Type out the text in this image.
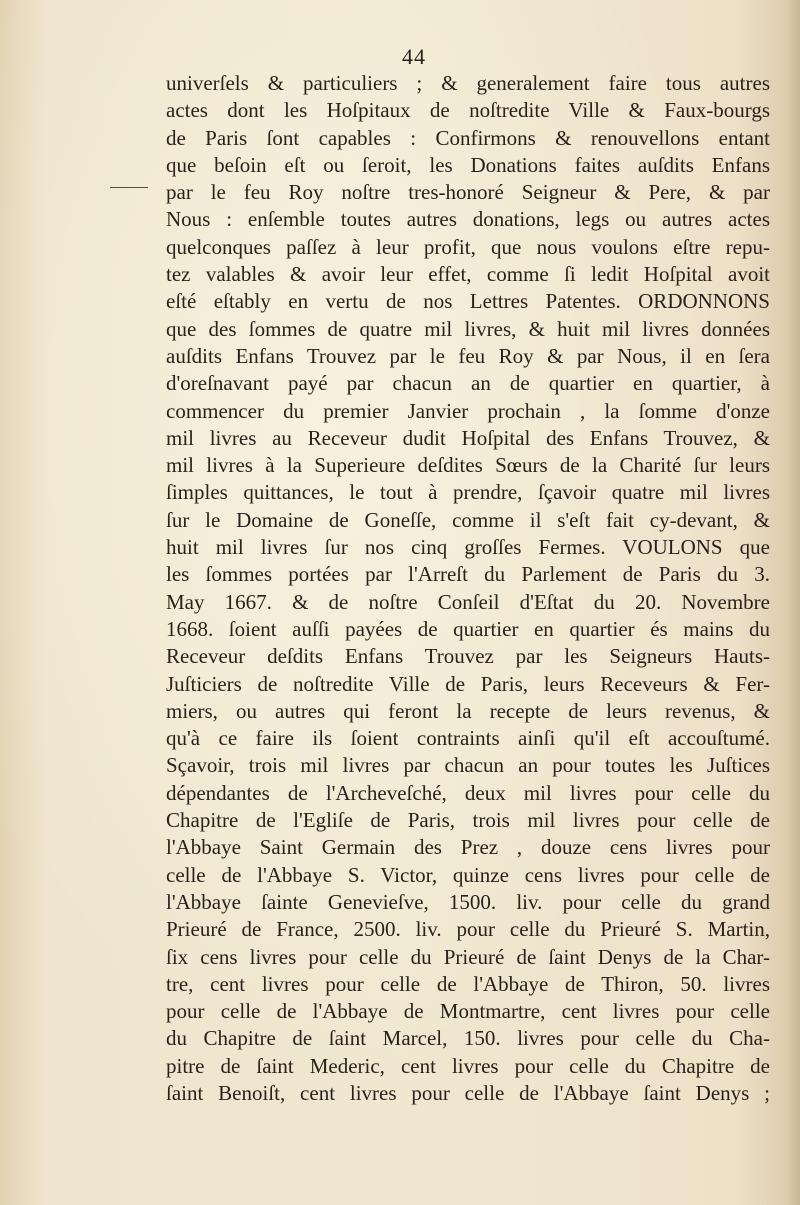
44
univerſels & particuliers ; & generalement faire tous autres
actes dont les Hoſpitaux de noſtredite Ville & Faux-bourgs
de Paris ſont capables : Confirmons & renouvellons entant
que beſoin eſt ou ſeroit, les Donations faites auſdits Enfans
par le feu Roy noſtre tres-honoré Seigneur & Pere, & par
Nous : enſemble toutes autres donations, legs ou autres actes
quelconques paſſez à leur profit, que nous voulons eſtre repu-
tez valables & avoir leur effet, comme ſi ledit Hoſpital avoit
eſté eſtably en vertu de nos Lettres Patentes. ORDONNONS
que des ſommes de quatre mil livres, & huit mil livres données
auſdits Enfans Trouvez par le feu Roy & par Nous, il en ſera
d'oreſnavant payé par chacun an de quartier en quartier, à
commencer du premier Janvier prochain , la ſomme d'onze
mil livres au Receveur dudit Hoſpital des Enfans Trouvez, &
mil livres à la Superieure deſdites Sœurs de la Charité ſur leurs
ſimples quittances, le tout à prendre, ſçavoir quatre mil livres
ſur le Domaine de Goneſſe, comme il s'eſt fait cy-devant, &
huit mil livres ſur nos cinq groſſes Fermes. VOULONS que
les ſommes portées par l'Arreſt du Parlement de Paris du 3.
May 1667. & de noſtre Conſeil d'Eſtat du 20. Novembre
1668. ſoient auſſi payées de quartier en quartier és mains du
Receveur deſdits Enfans Trouvez par les Seigneurs Hauts-
Juſticiers de noſtredite Ville de Paris, leurs Receveurs & Fer-
miers, ou autres qui feront la recepte de leurs revenus, &
qu'à ce faire ils ſoient contraints ainſi qu'il eſt accouſtumé.
Sçavoir, trois mil livres par chacun an pour toutes les Juſtices
dépendantes de l'Archeveſché, deux mil livres pour celle du
Chapitre de l'Egliſe de Paris, trois mil livres pour celle de
l'Abbaye Saint Germain des Prez , douze cens livres pour
celle de l'Abbaye S. Victor, quinze cens livres pour celle de
l'Abbaye ſainte Genevieſve, 1500. liv. pour celle du grand
Prieuré de France, 2500. liv. pour celle du Prieuré S. Martin,
ſix cens livres pour celle du Prieuré de ſaint Denys de la Char-
tre, cent livres pour celle de l'Abbaye de Thiron, 50. livres
pour celle de l'Abbaye de Montmartre, cent livres pour celle
du Chapitre de ſaint Marcel, 150. livres pour celle du Cha-
pitre de ſaint Mederic, cent livres pour celle du Chapitre de
ſaint Benoiſt, cent livres pour celle de l'Abbaye ſaint Denys ;
